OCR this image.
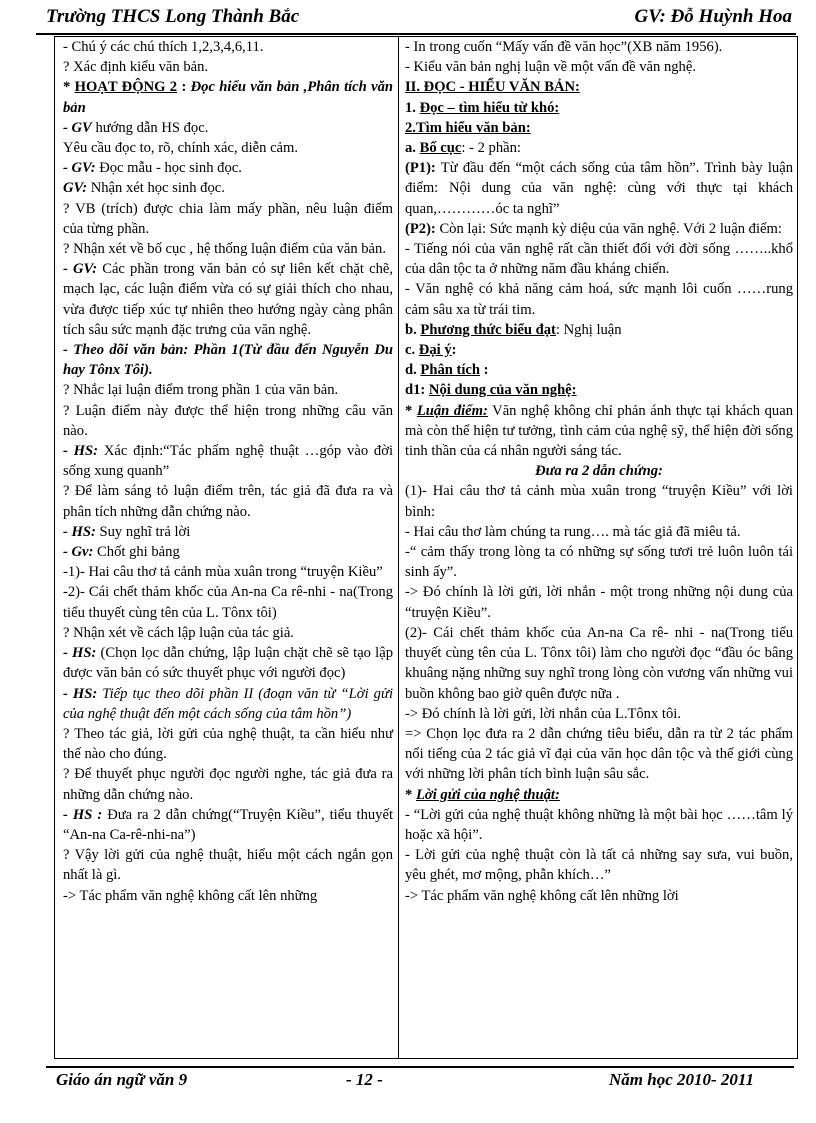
Trường THCS Long Thành Bắc	GV: Đỗ Huỳnh Hoa
- Chú ý các chú thích 1,2,3,4,6,11.
? Xác định kiểu văn bản.
* HOẠT ĐỘNG 2 : Đọc hiểu văn bản ,Phân tích văn bản
- GV hướng dẫn HS đọc.
Yêu cầu đọc to, rõ, chính xác, diễn cảm.
- GV: Đọc mẫu - học sinh đọc.
GV: Nhận xét học sinh đọc.
? VB (trích) được chia làm mấy phần, nêu luận điểm của từng phần.
? Nhận xét về bố cục , hệ thống luận điểm của văn bản.
- GV: Các phần trong văn bản có sự liên kết chặt chẽ, mạch lạc, các luận điểm vừa có sự giải thích cho nhau, vừa được tiếp xúc tự nhiên theo hướng ngày càng phân tích sâu sức mạnh đặc trưng của văn nghệ.
- Theo dõi văn bản: Phần 1(Từ đầu đến Nguyễn Du hay Tônx Tôi).
? Nhắc lại luận điểm trong phần 1 của văn bản.
? Luận điểm này được thể hiện trong những câu văn nào.
- HS: Xác định:“Tác phẩm nghệ thuật …góp vào đời sống xung quanh”
? Để làm sáng tỏ luận điểm trên, tác giả đã đưa ra và phân tích những dẫn chứng nào.
- HS: Suy nghĩ trả lời
- Gv: Chốt ghi bảng
-1)- Hai câu thơ tả cảnh mùa xuân trong “truyện Kiều”
-2)- Cái chết thảm khốc của An-na Ca rê-nhi - na(Trong tiểu thuyết cùng tên của L. Tônx tôi)
? Nhận xét về cách lập luận của tác giả.
- HS: (Chọn lọc dẫn chứng, lập luận chặt chẽ sẽ tạo lập được văn bản có sức thuyết phục với người đọc)
- HS: Tiếp tục theo dõi phần II (đoạn văn từ “Lời gửi của nghệ thuật đến một cách sống của tâm hồn”)
? Theo tác giả, lời gửi của nghệ thuật, ta cần hiểu như thế nào cho đúng.
? Để thuyết phục người đọc người nghe, tác giả đưa ra những dẫn chứng nào.
- HS : Đưa ra 2 dẫn chứng(“Truyện Kiều”, tiểu thuyết “An-na Ca-rê-nhi-na”)
? Vậy lời gửi của nghệ thuật, hiểu một cách ngắn gọn nhất là gì.
-> Tác phẩm văn nghệ không cất lên những
- In trong cuốn “Mấy vấn đề văn học”(XB năm 1956).
- Kiểu văn bản nghị luận về một vấn đề văn nghệ.
II. ĐỌC - HIỂU VĂN BẢN:
1. Đọc – tìm hiểu từ khó:
2.Tìm hiểu văn bản:
a. Bố cục: - 2 phần:
(P1): Từ đầu đến “một cách sống của tâm hồn”. Trình bày luận điểm: Nội dung của văn nghệ: cùng với thực tại khách quan,…………óc ta nghĩ”
(P2): Còn lại: Sức mạnh kỳ diệu của văn nghệ. Với 2 luận điểm:
- Tiếng nói của văn nghệ rất cần thiết đối với đời sống ……..khổ của dân tộc ta ở những năm đầu kháng chiến.
- Văn nghệ có khả năng cảm hoá, sức mạnh lôi cuốn ……rung cảm sâu xa từ trái tim.
b. Phương thức biểu đạt: Nghị luận
c. Đại ý:
d. Phân tích :
d1: Nội dung của văn nghệ:
* Luận điểm: Văn nghệ không chỉ phản ánh thực tại khách quan mà còn thể hiện tư tưởng, tình cảm của nghệ sỹ, thể hiện đời sống tinh thần của cá nhân người sáng tác.
Đưa ra 2 dẫn chứng:
(1)- Hai câu thơ tả cảnh mùa xuân trong “truyện Kiều” với lời bình:
- Hai câu thơ làm chúng ta rung…. mà tác giả đã miêu tả.
-“ cảm thấy trong lòng ta có những sự sống tươi trẻ luôn luôn tái sinh ấy”.
-> Đó chính là lời gửi, lời nhắn - một trong những nội dung của “truyện Kiều”.
(2)- Cái chết thảm khốc của An-na Ca rê- nhi - na(Trong tiểu thuyết cùng tên của L. Tônx tôi) làm cho người đọc “đầu óc bâng khuâng nặng những suy nghĩ trong lòng còn vương vấn những vui buồn không bao giờ quên được nữa .
-> Đó chính là lời gửi, lời nhắn của L.Tônx tôi.
=> Chọn lọc đưa ra 2 dẫn chứng tiêu biểu, dẫn ra từ 2 tác phẩm nổi tiếng của 2 tác giả vĩ đại của văn học dân tộc và thế giới cùng với những lời phân tích bình luận sâu sắc.
* Lời gửi của nghệ thuật:
- “Lời gửi của nghệ thuật không những là một bài học ……tâm lý hoặc xã hội”.
- Lời gửi của nghệ thuật còn là tất cả những say sưa, vui buồn, yêu ghét, mơ mộng, phẫn khích…”
-> Tác phẩm văn nghệ không cất lên những lời
Giáo án ngữ văn 9	- 12 -	Năm học 2010- 2011
